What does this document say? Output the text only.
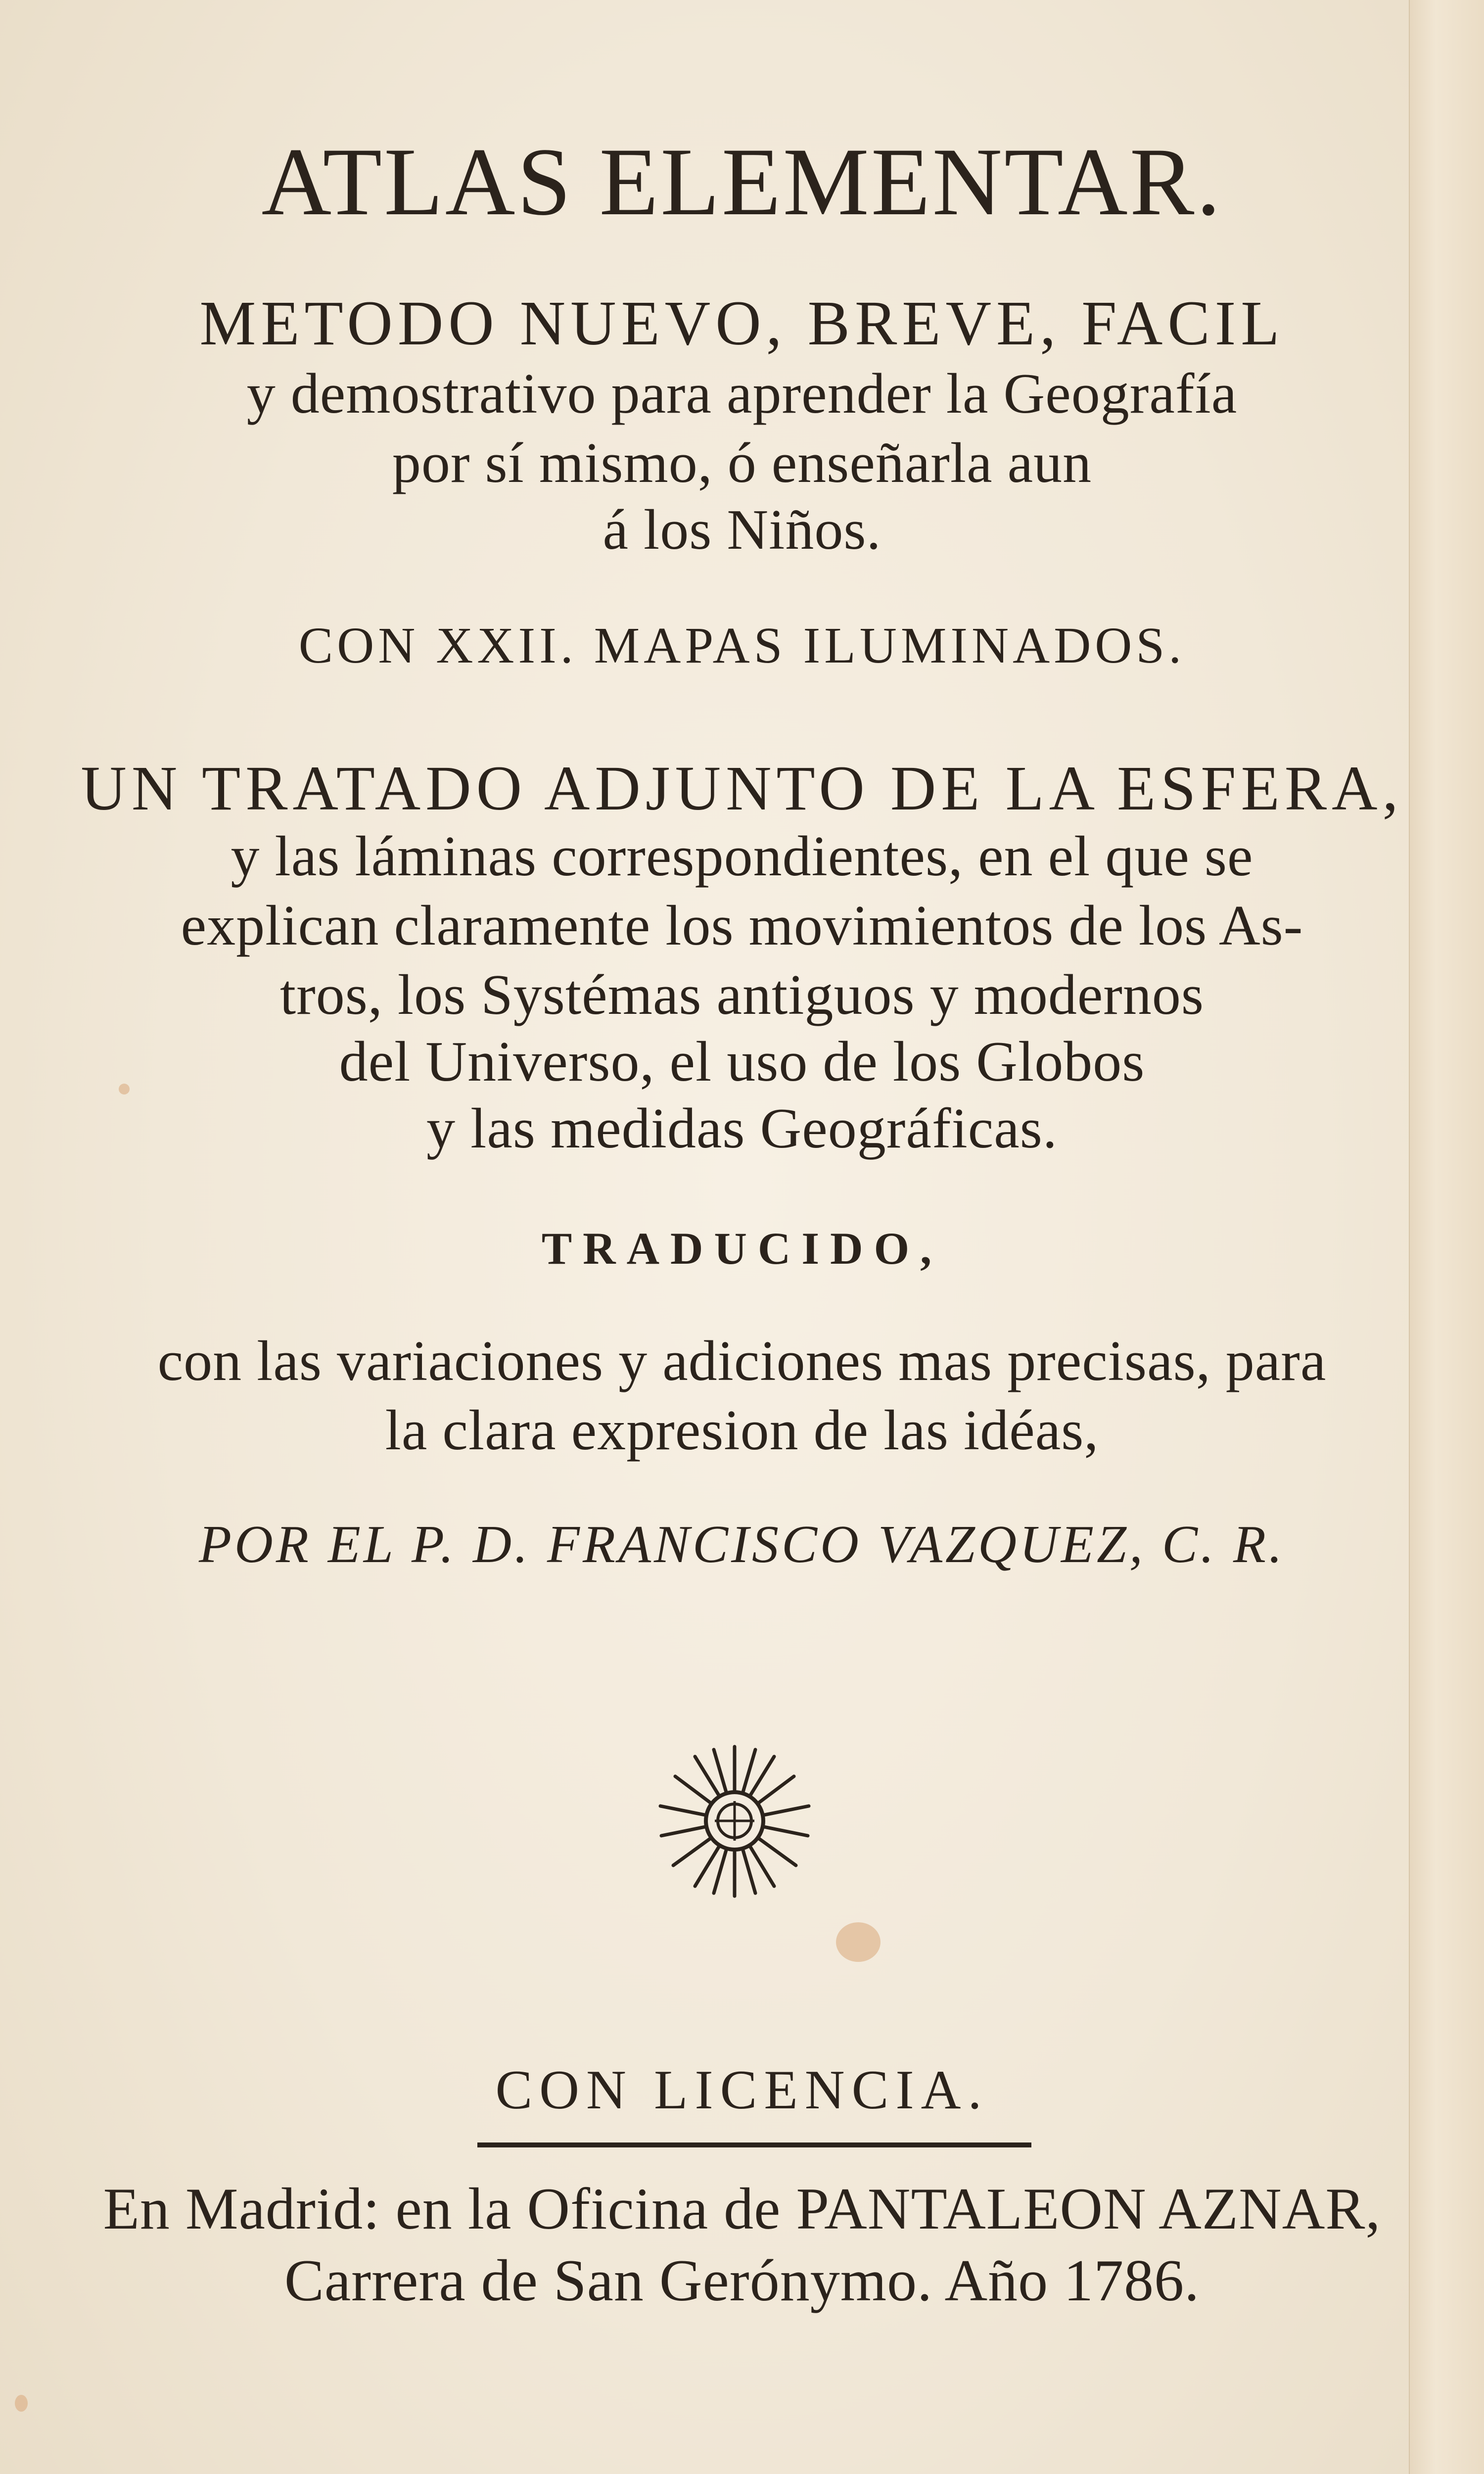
ATLAS ELEMENTAR.
METODO NUEVO, BREVE, FACIL
y demostrativo para aprender la Geografía
por sí mismo, ó enseñarla aun
á los Niños.
CON XXII. MAPAS ILUMINADOS.
UN TRATADO ADJUNTO DE LA ESFERA,
y las láminas correspondientes, en el que se
explican claramente los movimientos de los As-
tros, los Systémas antiguos y modernos
del Universo, el uso de los Globos
y las medidas Geográficas.
TRADUCIDO,
con las variaciones y adiciones mas precisas, para
la clara expresion de las idéas,
POR EL P. D. FRANCISCO VAZQUEZ, C. R.
CON LICENCIA.
En Madrid: en la Oficina de PANTALEON AZNAR,
Carrera de San Gerónymo. Año 1786.
